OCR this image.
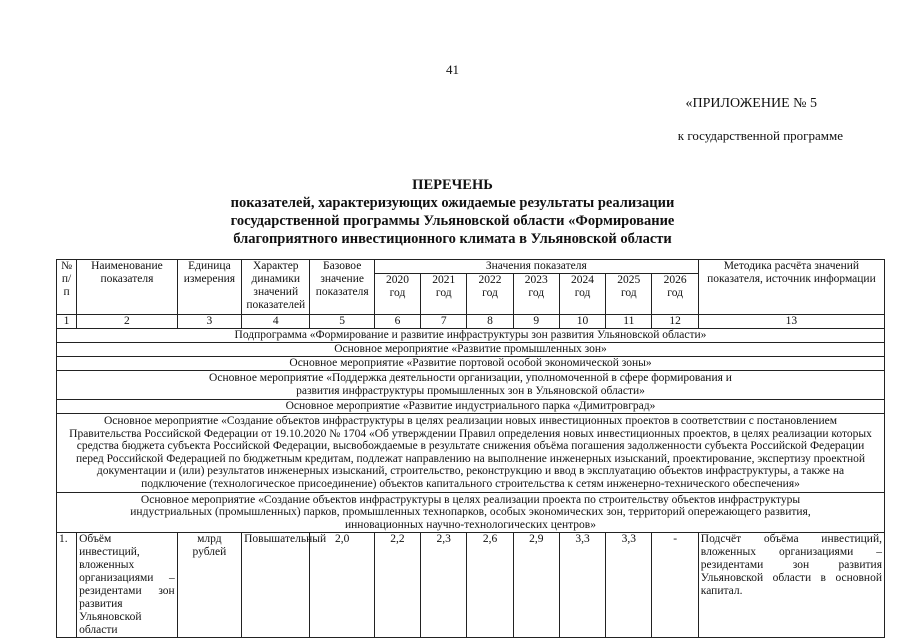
41
«ПРИЛОЖЕНИЕ № 5
к государственной программе
ПЕРЕЧЕНЬ
показателей, характеризующих ожидаемые результаты реализации
государственной программы Ульяновской области «Формирование
благоприятного инвестиционного климата в Ульяновской области
№ п/п	Наименование показателя	Единица измерения	Характер динамики значений показателей	Базовое значение показателя	Значения показателя							Методика расчёта значений показателя, источник информации
					2020 год	2021 год	2022 год	2023 год	2024 год	2025 год	2026 год	
1	2	3	4	5	6	7	8	9	10	11	12	13
Подпрограмма «Формирование и развитие инфраструктуры зон развития Ульяновской области»												
Основное мероприятие «Развитие промышленных зон»												
Основное мероприятие «Развитие портовой особой экономической зоны»												
Основное мероприятие «Поддержка деятельности организации, уполномоченной в сфере формирования и развития инфраструктуры промышленных зон в Ульяновской области»												
Основное мероприятие «Развитие индустриального парка «Димитровград»												
Основное мероприятие «Создание объектов инфраструктуры в целях реализации новых инвестиционных проектов в соответствии с постановлением Правительства Российской Федерации от 19.10.2020 № 1704 «Об утверждении Правил определения новых инвестиционных проектов, в целях реализации которых средства бюджета субъекта Российской Федерации, высвобождаемые в результате снижения объёма погашения задолженности субъекта Российской Федерации перед Российской Федерацией по бюджетным кредитам, подлежат направлению на выполнение инженерных изысканий, проектирование, экспертизу проектной документации и (или) результатов инженерных изысканий, строительство, реконструкцию и ввод в эксплуатацию объектов инфраструктуры, а также на подключение (технологическое присоединение) объектов капитального строительства к сетям инженерно-технического обеспечения»												
Основное мероприятие «Создание объектов инфраструктуры в целях реализации проекта по строительству объектов инфраструктуры индустриальных (промышленных) парков, промышленных технопарков, особых экономических зон, территорий опережающего развития, инновационных научно-технологических центров»												
1.	Объём инвестиций, вложенных организациями – резидентами зон развития Ульяновской области	млрд рублей	Повышательный	2,0	2,2	2,3	2,6	2,9	3,3	3,3	-	Подсчёт объёма инвестиций, вложенных организациями – резидентами зон развития Ульяновской области в основной капитал.
